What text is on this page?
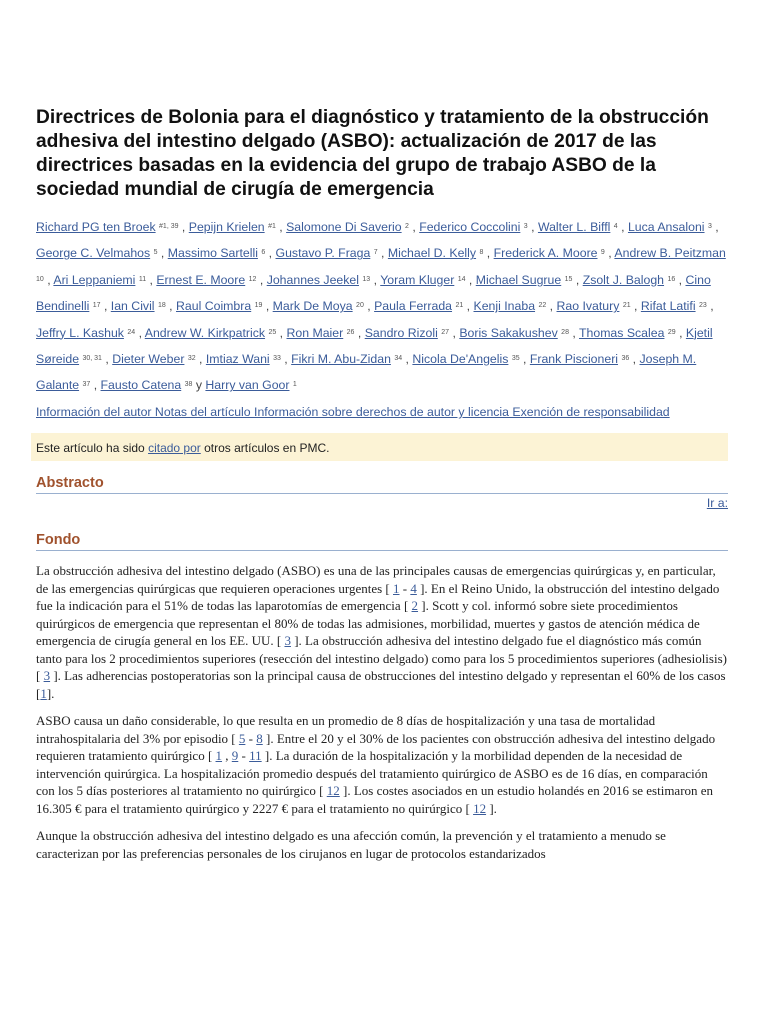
Directrices de Bolonia para el diagnóstico y tratamiento de la obstrucción adhesiva del intestino delgado (ASBO): actualización de 2017 de las directrices basadas en la evidencia del grupo de trabajo ASBO de la sociedad mundial de cirugía de emergencia
Richard PG ten Broek $^{\#1, 39}$ , Pepijn Krielen $^{\#1}$ , Salomone Di Saverio $^2$ , Federico Coccolini $^3$ , Walter L. Biffl $^4$ , Luca Ansaloni $^3$ , George C. Velmahos $^5$ , Massimo Sartelli $^6$ , Gustavo P. Fraga $^7$ , Michael D. Kelly $^8$ , Frederick A. Moore $^9$ , Andrew B. Peitzman $^{10}$ , Ari Leppaniemi $^{11}$ , Ernest E. Moore $^{12}$ , Johannes Jeekel $^{13}$ , Yoram Kluger $^{14}$ , Michael Sugrue $^{15}$ , Zsolt J. Balogh $^{16}$ , Cino Bendinelli $^{17}$ , Ian Civil $^{18}$ , Raul Coimbra $^{19}$ , Mark De Moya $^{20}$ , Paula Ferrada $^{21}$ , Kenji Inaba $^{22}$ , Rao Ivatury $^{21}$ , Rifat Latifi $^{23}$ , Jeffry L. Kashuk $^{24}$ , Andrew W. Kirkpatrick $^{25}$ , Ron Maier $^{26}$ , Sandro Rizoli $^{27}$ , Boris Sakakushev $^{28}$ , Thomas Scalea $^{29}$ , Kjetil Søreide $^{30, 31}$ , Dieter Weber $^{32}$ , Imtiaz Wani $^{33}$ , Fikri M. Abu-Zidan $^{34}$ , Nicola De'Angelis $^{35}$ , Frank Piscioneri $^{36}$ , Joseph M. Galante $^{37}$ , Fausto Catena $^{38}$ y Harry van Goor $^1$
Información del autor Notas del artículo Información sobre derechos de autor y licencia Exención de responsabilidad
Este artículo ha sido citado por otros artículos en PMC.
Abstracto
Ir a:
Fondo

La obstrucción adhesiva del intestino delgado (ASBO) es una de las principales causas de emergencias quirúrgicas y, en particular, de las emergencias quirúrgicas que requieren operaciones urgentes [ 1 - 4 ]. En el Reino Unido, la obstrucción del intestino delgado fue la indicación para el 51% de todas las laparotomías de emergencia [ 2 ]. Scott y col. informó sobre siete procedimientos quirúrgicos de emergencia que representan el 80% de todas las admisiones, morbilidad, muertes y gastos de atención médica de emergencia de cirugía general en los EE. UU. [ 3 ]. La obstrucción adhesiva del intestino delgado fue el diagnóstico más común tanto para los 2 procedimientos superiores (resección del intestino delgado) como para los 5 procedimientos superiores (adhesiolisis) [ 3 ]. Las adherencias postoperatorias son la principal causa de obstrucciones del intestino delgado y representan el 60% de los casos [1].

ASBO causa un daño considerable, lo que resulta en un promedio de 8 días de hospitalización y una tasa de mortalidad intrahospitalaria del 3% por episodio [ 5 - 8 ]. Entre el 20 y el 30% de los pacientes con obstrucción adhesiva del intestino delgado requieren tratamiento quirúrgico [ 1 , 9 - 11 ]. La duración de la hospitalización y la morbilidad dependen de la necesidad de intervención quirúrgica. La hospitalización promedio después del tratamiento quirúrgico de ASBO es de 16 días, en comparación con los 5 días posteriores al tratamiento no quirúrgico [ 12 ]. Los costes asociados en un estudio holandés en 2016 se estimaron en 16.305 € para el tratamiento quirúrgico y 2227 € para el tratamiento no quirúrgico [ 12 ].

Aunque la obstrucción adhesiva del intestino delgado es una afección común, la prevención y el tratamiento a menudo se caracterizan por las preferencias personales de los cirujanos en lugar de protocolos estandarizados
